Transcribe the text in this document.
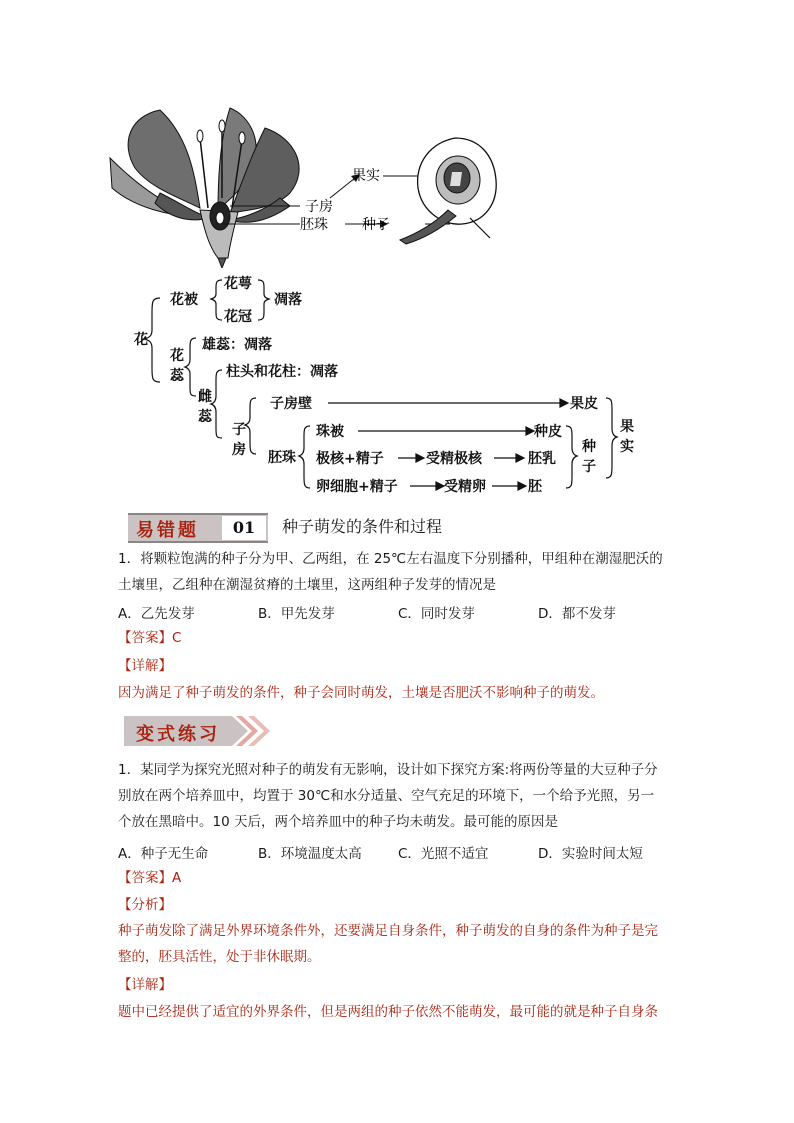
子房
胚珠
果实
种子
花
花被
花萼
花冠
凋落
花
蕊
雄蕊：凋落
雌
蕊
柱头和花柱：凋落
子
房
子房壁	果皮
胚珠
珠被	种皮
极核+精子	受精极核	胚乳
卵细胞+精子	受精卵	胚
种
子
果
实
易错题	01	种子萌发的条件和过程
1．将颗粒饱满的种子分为甲、乙两组，在 25℃左右温度下分别播种，甲组种在潮湿肥沃的
土壤里，乙组种在潮湿贫瘠的土壤里，这两组种子发芽的情况是
A．乙先发芽	B．甲先发芽	C．同时发芽	D．都不发芽
【答案】C
【详解】
因为满足了种子萌发的条件，种子会同时萌发，土壤是否肥沃不影响种子的萌发。
变式练习
1．某同学为探究光照对种子的萌发有无影响，设计如下探究方案:将两份等量的大豆种子分
别放在两个培养皿中，均置于 30℃和水分适量、空气充足的环境下，一个给予光照，另一
个放在黑暗中。10 天后，两个培养皿中的种子均未萌发。最可能的原因是
A．种子无生命	B．环境温度太高	C．光照不适宜	D．实验时间太短
【答案】A
【分析】
种子萌发除了满足外界环境条件外，还要满足自身条件，种子萌发的自身的条件为种子是完
整的，胚具活性，处于非休眠期。
【详解】
题中已经提供了适宜的外界条件，但是两组的种子依然不能萌发，最可能的就是种子自身条
